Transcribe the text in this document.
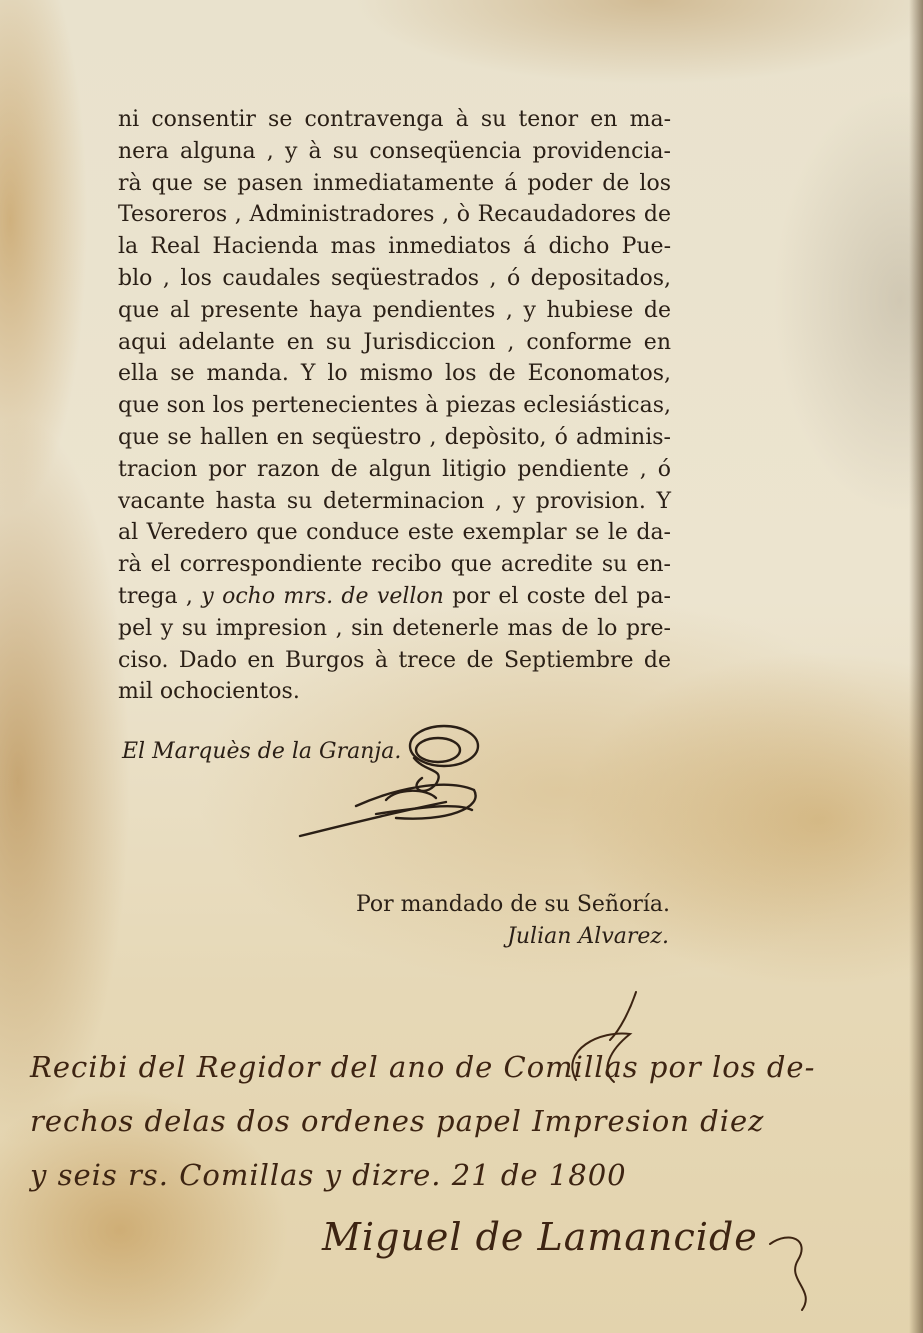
ni consentir se contravenga à su tenor en ma-
nera alguna , y à su conseqüencia providencia-
rà que se pasen inmediatamente á poder de los
Tesoreros , Administradores , ò Recaudadores de
la Real Hacienda mas inmediatos á dicho Pue-
blo , los caudales seqüestrados , ó depositados,
que al presente haya pendientes , y hubiese de
aqui adelante en su Jurisdiccion , conforme en
ella se manda. Y lo mismo los de Economatos,
que son los pertenecientes à piezas eclesiásticas,
que se hallen en seqüestro , depòsito, ó adminis-
tracion por razon de algun litigio pendiente , ó
vacante hasta su determinacion , y provision. Y
al Veredero que conduce este exemplar se le da-
rà el correspondiente recibo que acredite su en-
trega , y ocho mrs. de vellon por el coste del pa-
pel y su impresion , sin detenerle mas de lo pre-
ciso. Dado en Burgos à trece de Septiembre de
mil ochocientos.
El Marquès de la Granja.
Por mandado de su Señoría.
Julian Alvarez.
Recibi del Regidor del ano de Comillas por los de-
rechos delas dos ordenes papel Impresion diez
y seis rs. Comillas y dizre. 21 de 1800
Miguel de Lamancide
